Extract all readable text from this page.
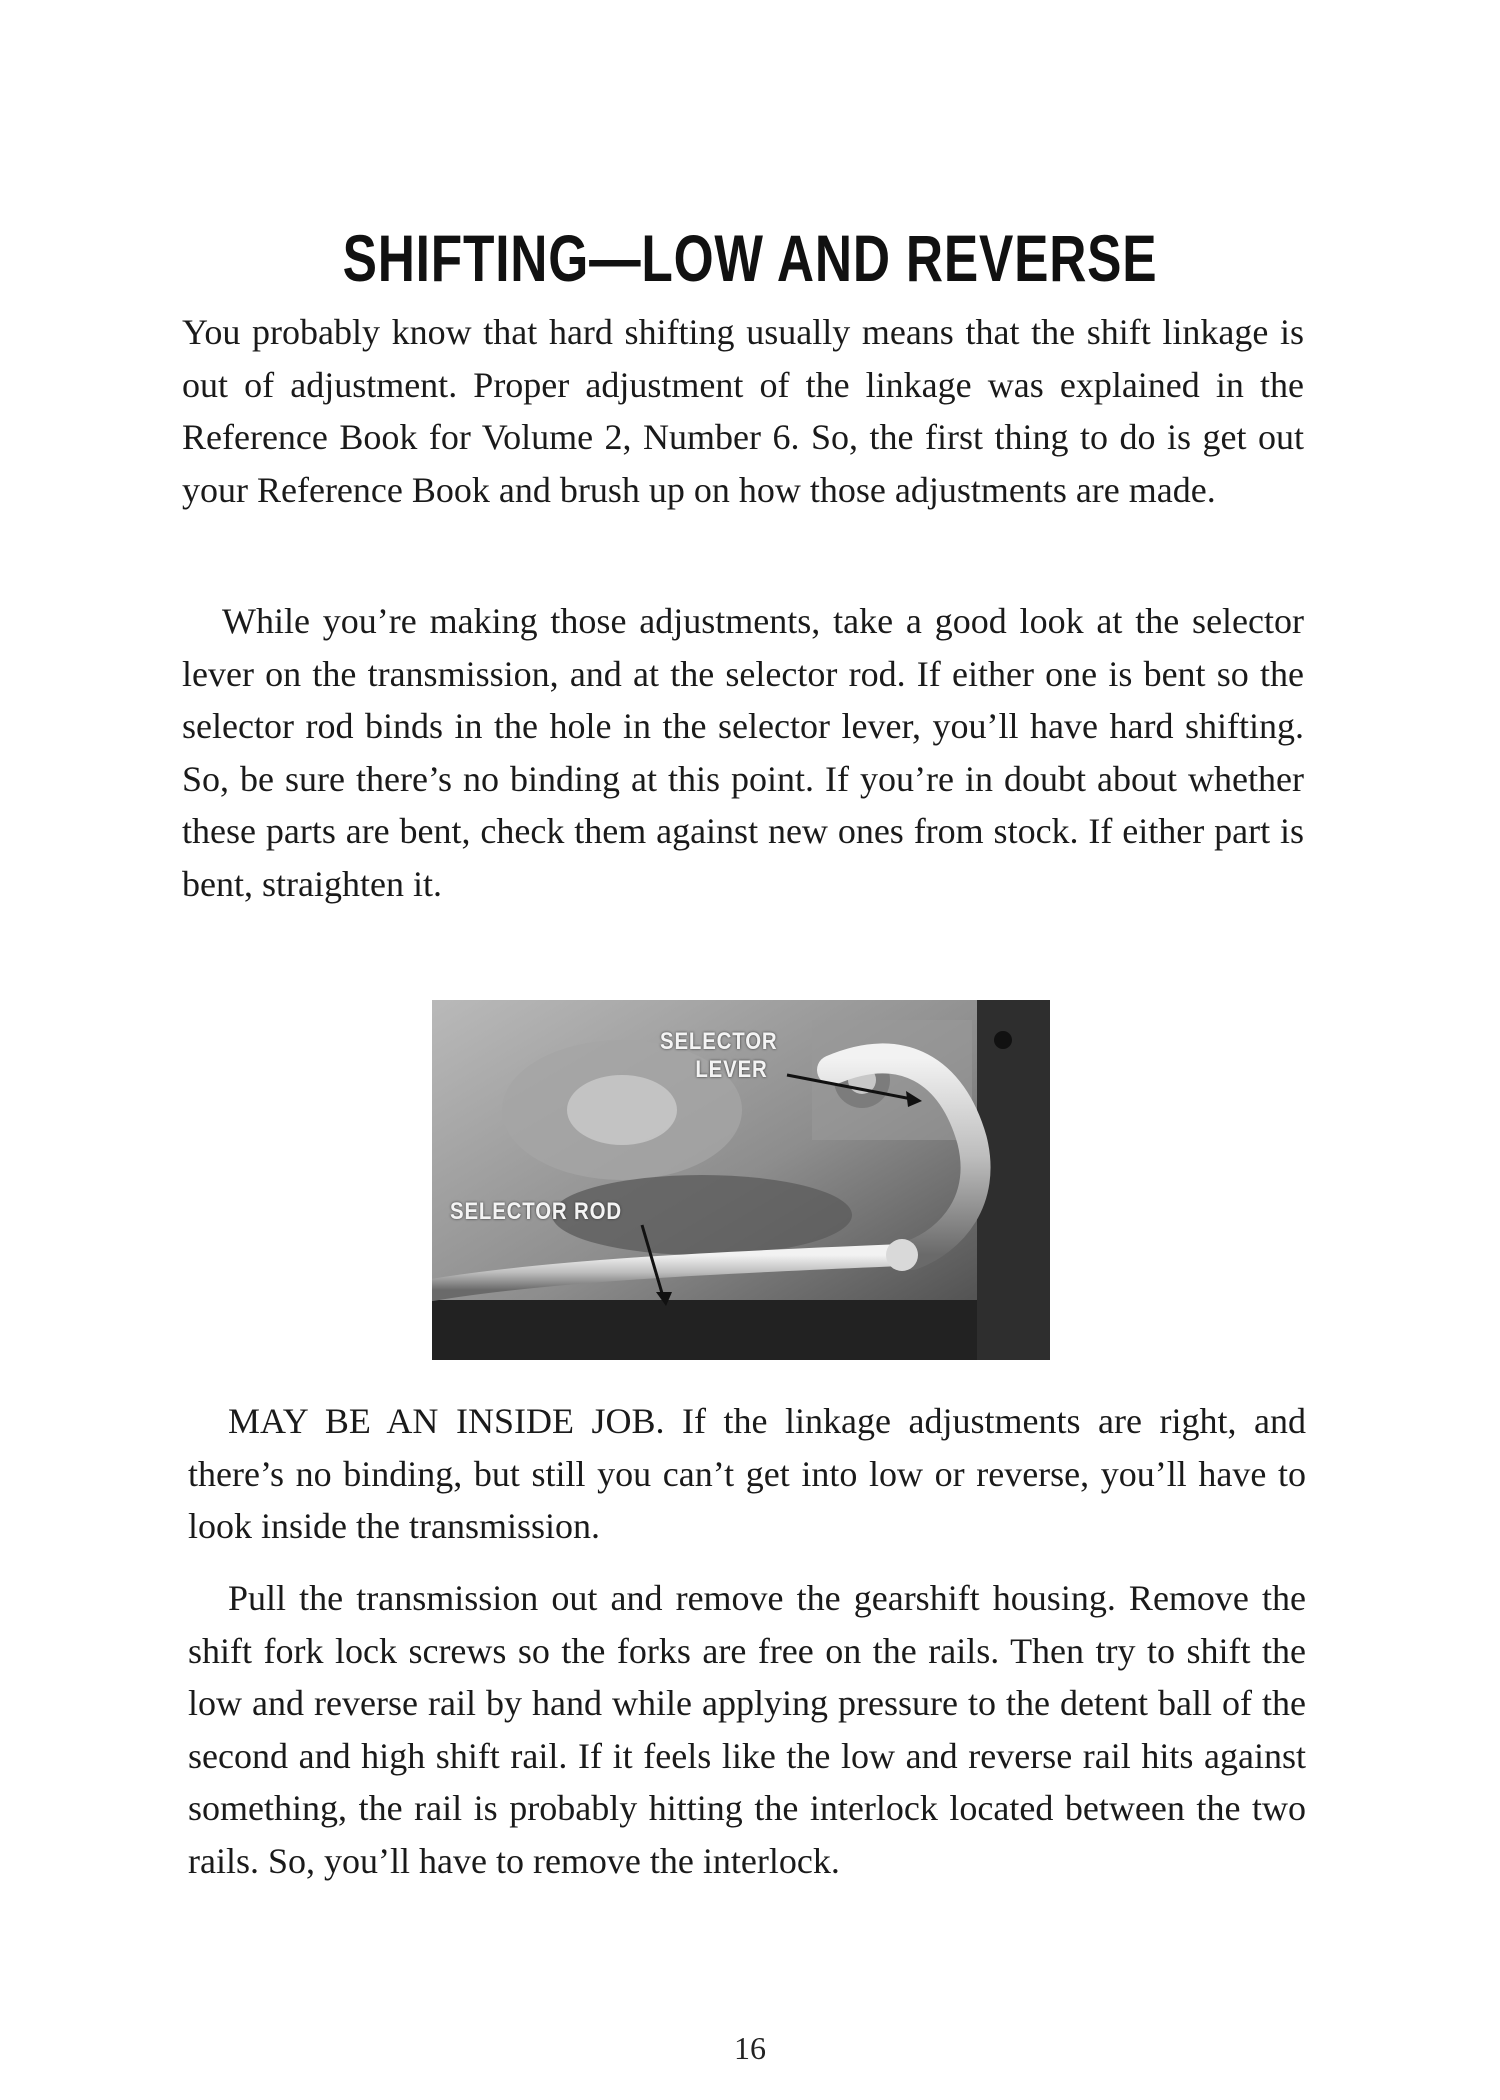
SHIFTING—LOW AND REVERSE

You probably know that hard shifting usually means that the shift linkage is out of adjustment. Proper adjustment of the linkage was explained in the Reference Book for Volume 2, Number 6. So, the first thing to do is get out your Reference Book and brush up on how those adjustments are made.

While you’re making those adjustments, take a good look at the selector lever on the transmission, and at the selector rod. If either one is bent so the selector rod binds in the hole in the selector lever, you’ll have hard shifting. So, be sure there’s no binding at this point. If you’re in doubt about whether these parts are bent, check them against new ones from stock. If either part is bent, straighten it.

SELECTOR
LEVER
SELECTOR ROD

MAY BE AN INSIDE JOB. If the linkage adjustments are right, and there’s no binding, but still you can’t get into low or reverse, you’ll have to look inside the transmission.

Pull the transmission out and remove the gearshift housing. Remove the shift fork lock screws so the forks are free on the rails. Then try to shift the low and reverse rail by hand while applying pressure to the detent ball of the second and high shift rail. If it feels like the low and reverse rail hits against something, the rail is probably hitting the interlock located between the two rails. So, you’ll have to remove the interlock.

16
